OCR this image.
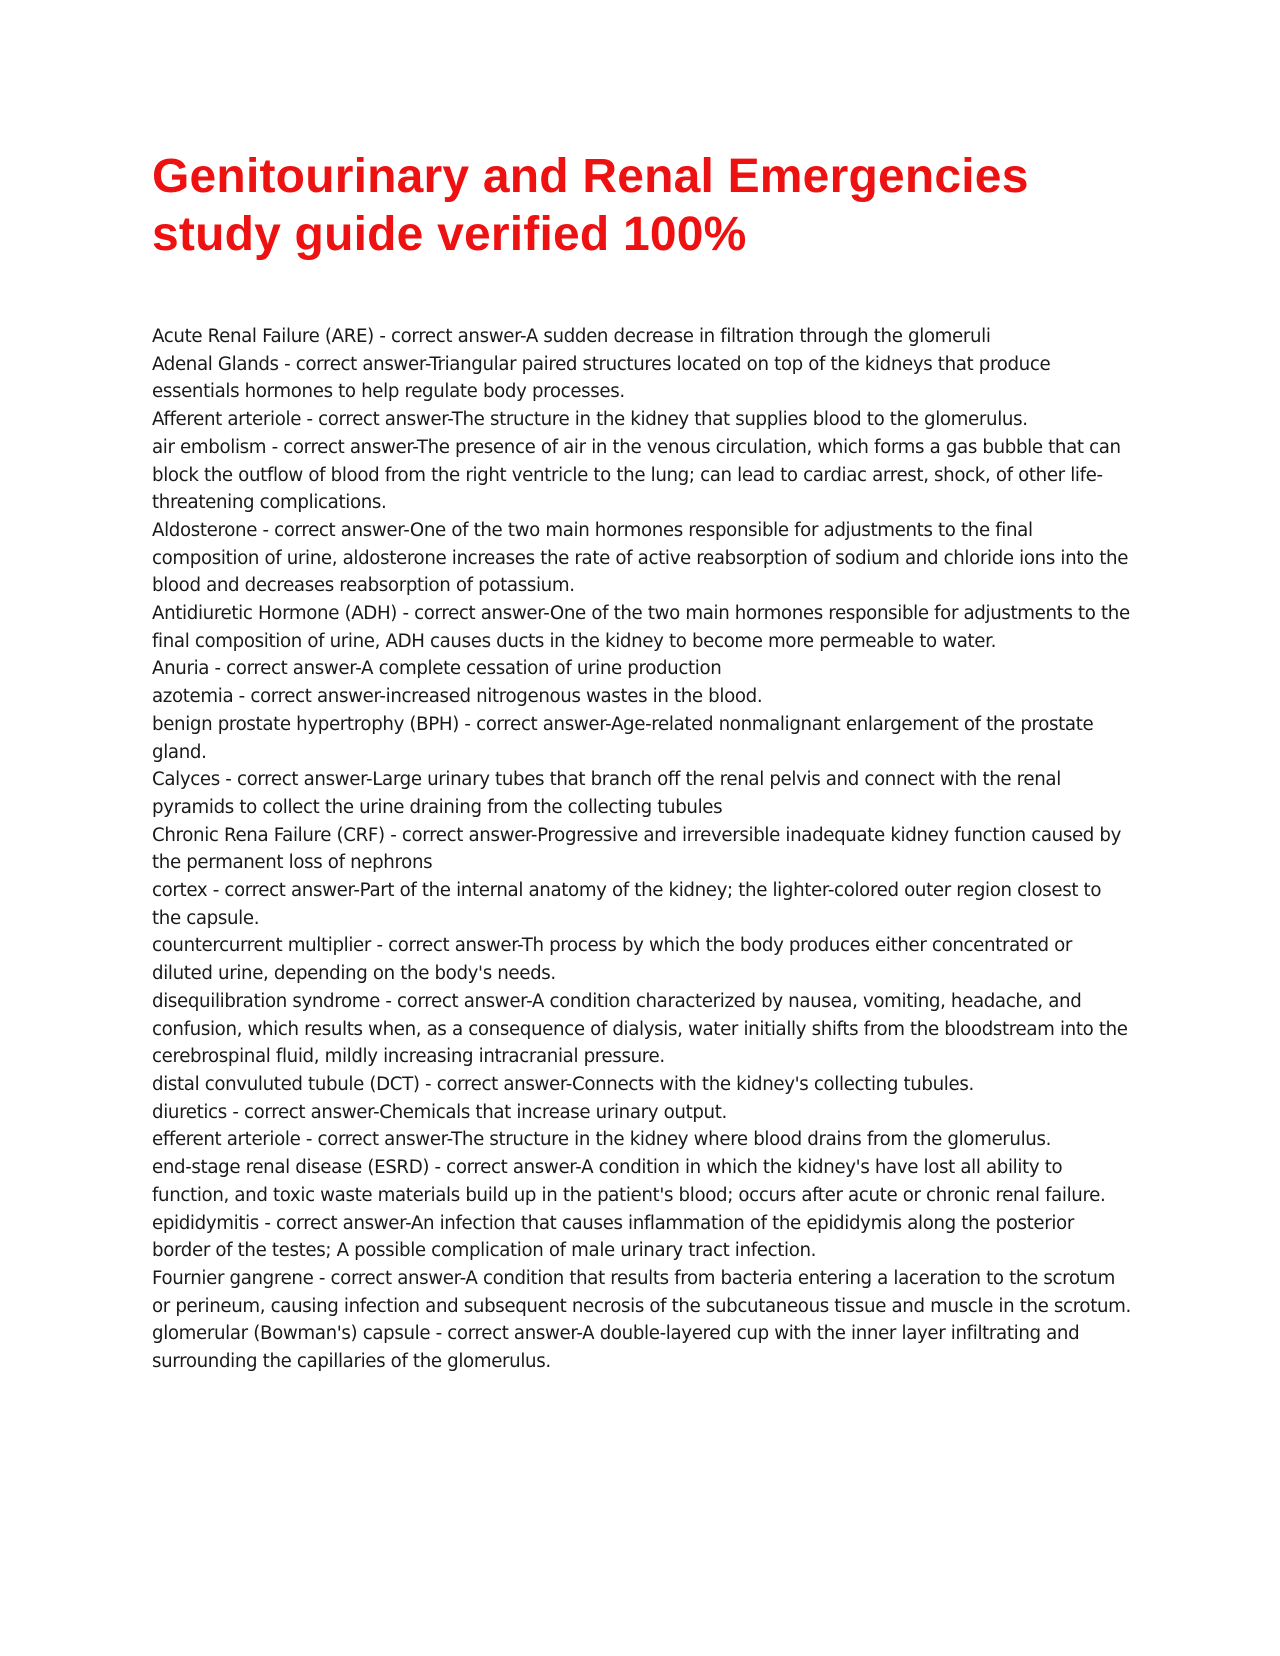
Genitourinary and Renal Emergencies
study guide verified 100%
Acute Renal Failure (ARE) - correct answer-A sudden decrease in filtration through the glomeruli
Adenal Glands - correct answer-Triangular paired structures located on top of the kidneys that produce essentials hormones to help regulate body processes.
Afferent arteriole - correct answer-The structure in the kidney that supplies blood to the glomerulus.
air embolism - correct answer-The presence of air in the venous circulation, which forms a gas bubble that can block the outflow of blood from the right ventricle to the lung; can lead to cardiac arrest, shock, of other life-threatening complications.
Aldosterone - correct answer-One of the two main hormones responsible for adjustments to the final composition of urine, aldosterone increases the rate of active reabsorption of sodium and chloride ions into the blood and decreases reabsorption of potassium.
Antidiuretic Hormone (ADH) - correct answer-One of the two main hormones responsible for adjustments to the final composition of urine, ADH causes ducts in the kidney to become more permeable to water.
Anuria - correct answer-A complete cessation of urine production
azotemia - correct answer-increased nitrogenous wastes in the blood.
benign prostate hypertrophy (BPH) - correct answer-Age-related nonmalignant enlargement of the prostate gland.
Calyces - correct answer-Large urinary tubes that branch off the renal pelvis and connect with the renal pyramids to collect the urine draining from the collecting tubules
Chronic Rena Failure (CRF) - correct answer-Progressive and irreversible inadequate kidney function caused by the permanent loss of nephrons
cortex - correct answer-Part of the internal anatomy of the kidney; the lighter-colored outer region closest to the capsule.
countercurrent multiplier - correct answer-Th process by which the body produces either concentrated or diluted urine, depending on the body's needs.
disequilibration syndrome - correct answer-A condition characterized by nausea, vomiting, headache, and confusion, which results when, as a consequence of dialysis, water initially shifts from the bloodstream into the cerebrospinal fluid, mildly increasing intracranial pressure.
distal convuluted tubule (DCT) - correct answer-Connects with the kidney's collecting tubules.
diuretics - correct answer-Chemicals that increase urinary output.
efferent arteriole - correct answer-The structure in the kidney where blood drains from the glomerulus.
end-stage renal disease (ESRD) - correct answer-A condition in which the kidney's have lost all ability to function, and toxic waste materials build up in the patient's blood; occurs after acute or chronic renal failure.
epididymitis - correct answer-An infection that causes inflammation of the epididymis along the posterior border of the testes; A possible complication of male urinary tract infection.
Fournier gangrene - correct answer-A condition that results from bacteria entering a laceration to the scrotum or perineum, causing infection and subsequent necrosis of the subcutaneous tissue and muscle in the scrotum.
glomerular (Bowman's) capsule - correct answer-A double-layered cup with the inner layer infiltrating and surrounding the capillaries of the glomerulus.
